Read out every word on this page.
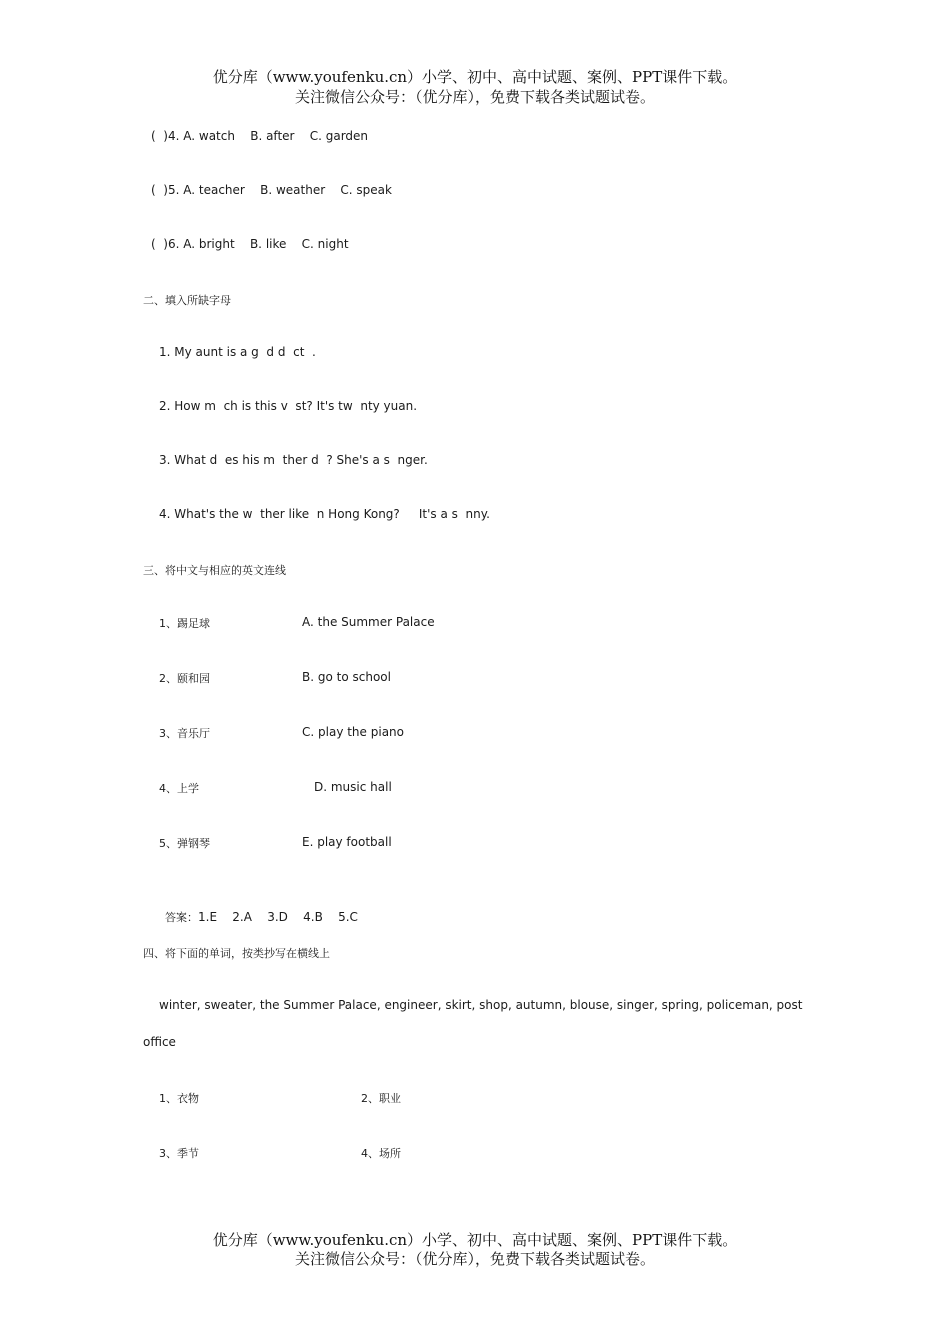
优分库（www.youfenku.cn）小学、初中、高中试题、案例、PPT课件下载。
关注微信公众号：（优分库），免费下载各类试题试卷。
(  )4. A. watch    B. after    C. garden
(  )5. A. teacher    B. weather    C. speak
(  )6. A. bright    B. like    C. night
二、填入所缺字母
1. My aunt is a g  d d  ct  .
2. How m  ch is this v  st? It's tw  nty yuan.
3. What d  es his m  ther d  ? She's a s  nger.
4. What's the w  ther like  n Hong Kong?     It's a s  nny.
三、将中文与相应的英文连线
1、踢足球	A. the Summer Palace
2、颐和园	B. go to school
3、音乐厅	C. play the piano
4、上学	D. music hall
5、弹钢琴	E. play football

答案：1.E    2.A    3.D    4.B    5.C

四、将下面的单词，按类抄写在横线上
winter, sweater, the Summer Palace, engineer, skirt, shop, autumn, blouse, singer, spring, policeman, post
office
1、衣物	2、职业
3、季节	4、场所
优分库（www.youfenku.cn）小学、初中、高中试题、案例、PPT课件下载。
关注微信公众号：（优分库），免费下载各类试题试卷。
